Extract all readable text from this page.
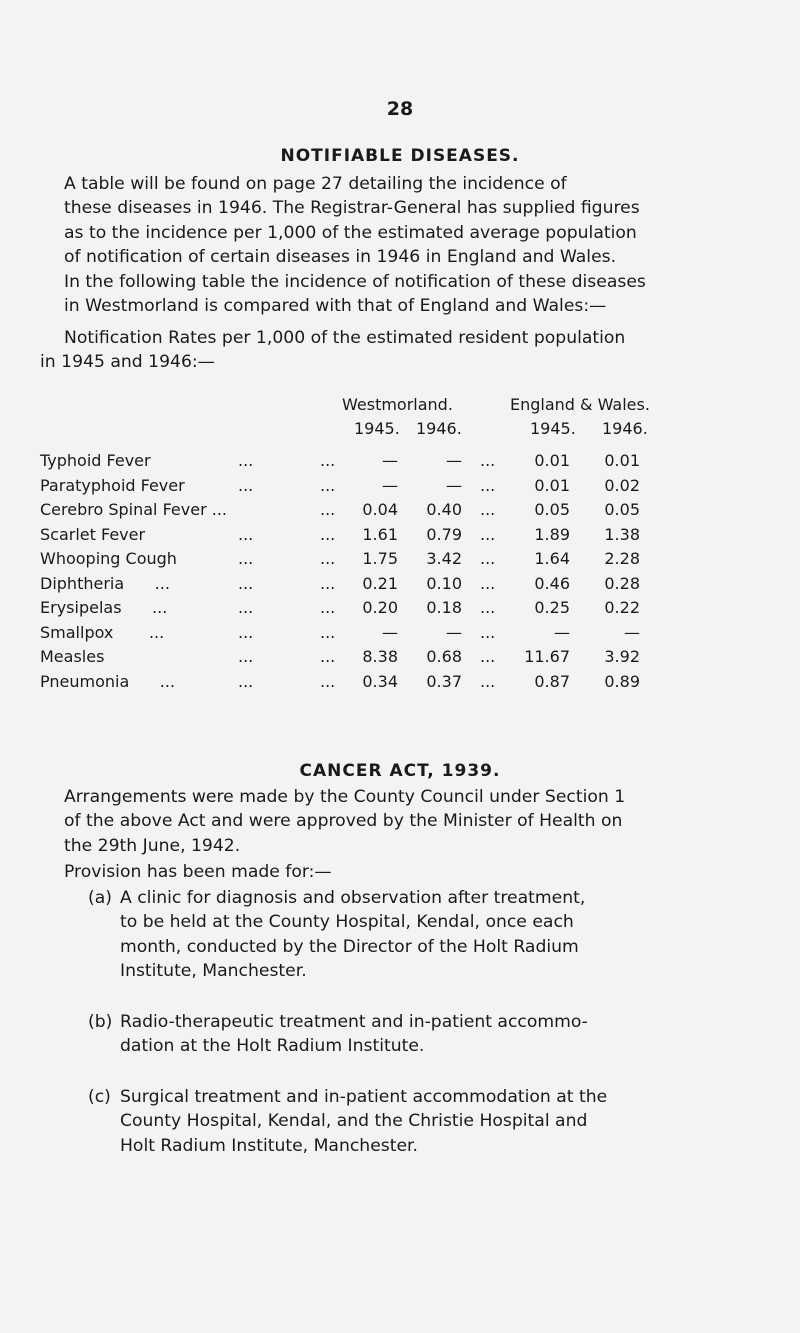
28
NOTIFIABLE DISEASES.
A table will be found on page 27 detailing the incidence of
these diseases in 1946. The Registrar-General has supplied figures
as to the incidence per 1,000 of the estimated average population
of notification of certain diseases in 1946 in England and Wales.
In the following table the incidence of notification of these diseases
in Westmorland is compared with that of England and Wales:—
Notification Rates per 1,000 of the estimated resident population
in 1945 and 1946:—
Westmorland.	England & Wales.
1945. 1946.	1945. 1946.
Typhoid Fever	...	...	—	— ...	0.01	0.01
Paratyphoid Fever	...	...	—	— ...	0.01	0.02
Cerebro Spinal Fever ...	...	0.04	0.40 ...	0.05	0.05
Scarlet Fever	...	...	1.61	0.79 ...	1.89	1.38
Whooping Cough	...	...	1.75	3.42 ...	1.64	2.28
Diphtheria      ...	...	...	0.21	0.10 ...	0.46	0.28
Erysipelas      ...	...	...	0.20	0.18 ...	0.25	0.22
Smallpox       ...	...	...	—	— ...	—	—
Measles	...	...	8.38	0.68 ...	11.67	3.92
Pneumonia      ...	...	...	0.34	0.37 ...	0.87	0.89
CANCER ACT, 1939.
Arrangements were made by the County Council under Section 1
of the above Act and were approved by the Minister of Health on
the 29th June, 1942.
Provision has been made for:—
(a) A clinic for diagnosis and observation after treatment,
to be held at the County Hospital, Kendal, once each
month, conducted by the Director of the Holt Radium
Institute, Manchester.
(b) Radio-therapeutic treatment and in-patient accommo-
dation at the Holt Radium Institute.
(c) Surgical treatment and in-patient accommodation at the
County Hospital, Kendal, and the Christie Hospital and
Holt Radium Institute, Manchester.
